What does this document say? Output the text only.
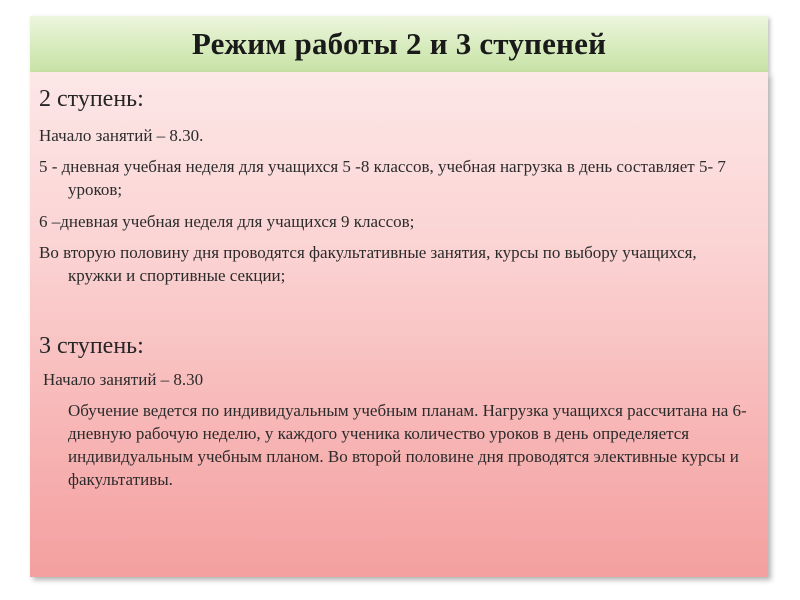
Режим работы 2 и 3 ступеней

2 ступень:

Начало занятий – 8.30.

5 - дневная учебная неделя для учащихся 5 -8 классов, учебная нагрузка в день составляет 5- 7 уроков;

6 –дневная учебная неделя для учащихся 9 классов;

Во вторую половину дня проводятся факультативные занятия, курсы по выбору учащихся, кружки и спортивные секции;

3 ступень:

Начало занятий – 8.30

Обучение ведется по индивидуальным учебным планам. Нагрузка учащихся рассчитана на 6- дневную рабочую неделю, у каждого ученика количество уроков в день определяется индивидуальным учебным планом. Во второй половине дня проводятся элективные курсы и факультативы.
